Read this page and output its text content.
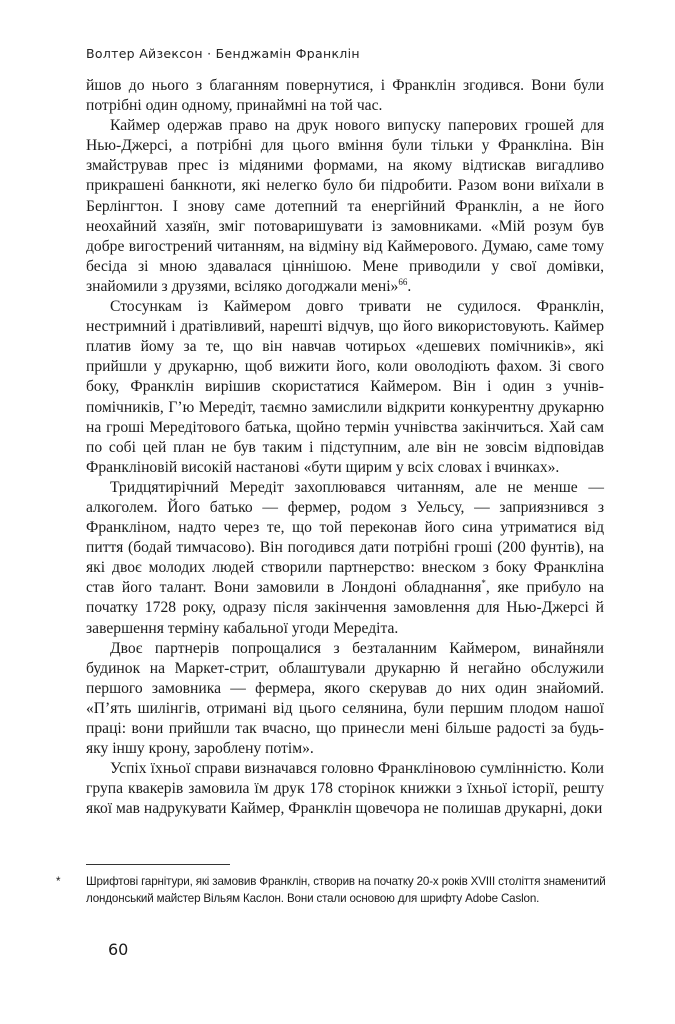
Волтер Айзексон · Бенджамін Франклін

йшов до нього з благанням повернутися, і Франклін згодився. Вони були потрібні один одному, принаймні на той час.

Каймер одержав право на друк нового випуску паперових грошей для Нью-Джерсі, а потрібні для цього вміння були тільки у Франкліна. Він змайстрував прес із мідяними формами, на якому відтискав вигадливо прикрашені банкноти, які нелегко було би підробити. Разом вони виїхали в Берлінгтон. І знову саме дотепний та енергійний Франклін, а не його неохайний хазяїн, зміг потоваришувати із замовниками. «Мій розум був добре вигострений читанням, на відміну від Каймерового. Думаю, саме тому бесіда зі мною здавалася ціннішою. Мене приводили у свої домівки, знайомили з друзями, всіляко догоджали мені»$^{66}$.

Стосункам із Каймером довго тривати не судилося. Франклін, нестримний і дратівливий, нарешті відчув, що його використовують. Каймер платив йому за те, що він навчав чотирьох «дешевих помічників», які прийшли у друкарню, щоб вижити його, коли оволодіють фахом. Зі свого боку, Франклін вирішив скористатися Каймером. Він і один з учнів-помічників, Г’ю Мередіт, таємно замислили відкрити конкурентну друкарню на гроші Мередітового батька, щойно термін учнівства закінчиться. Хай сам по собі цей план не був таким і підступним, але він не зовсім відповідав Франкліновій високій настанові «бути щирим у всіх словах і вчинках».

Тридцятирічний Мередіт захоплювався читанням, але не менше — алкоголем. Його батько — фермер, родом з Уельсу, — заприязнився з Франкліном, надто через те, що той переконав його сина утриматися від пиття (бодай тимчасово). Він погодився дати потрібні гроші (200 фунтів), на які двоє молодих людей створили партнерство: внеском з боку Франкліна став його талант. Вони замовили в Лондоні обладнання*, яке прибуло на початку 1728 року, одразу після закінчення замовлення для Нью-Джерсі й завершення терміну кабальної угоди Мередіта.

Двоє партнерів попрощалися з безталанним Каймером, винайняли будинок на Маркет-стрит, облаштували друкарню й негайно обслужили першого замовника — фермера, якого скерував до них один знайомий. «П’ять шилінгів, отримані від цього селянина, були першим плодом нашої праці: вони прийшли так вчасно, що принесли мені більше радості за будь-яку іншу крону, зароблену потім».

Успіх їхньої справи визначався головно Франкліновою сумлінністю. Коли група квакерів замовила їм друк 178 сторінок книжки з їхньої історії, решту якої мав надрукувати Каймер, Франклін щовечора не полишав друкарні, доки

* Шрифтові гарнітури, які замовив Франклін, створив на початку 20-х років XVIII століття знаменитий лондонський майстер Вільям Каслон. Вони стали основою для шрифту Adobe Caslon.
60
